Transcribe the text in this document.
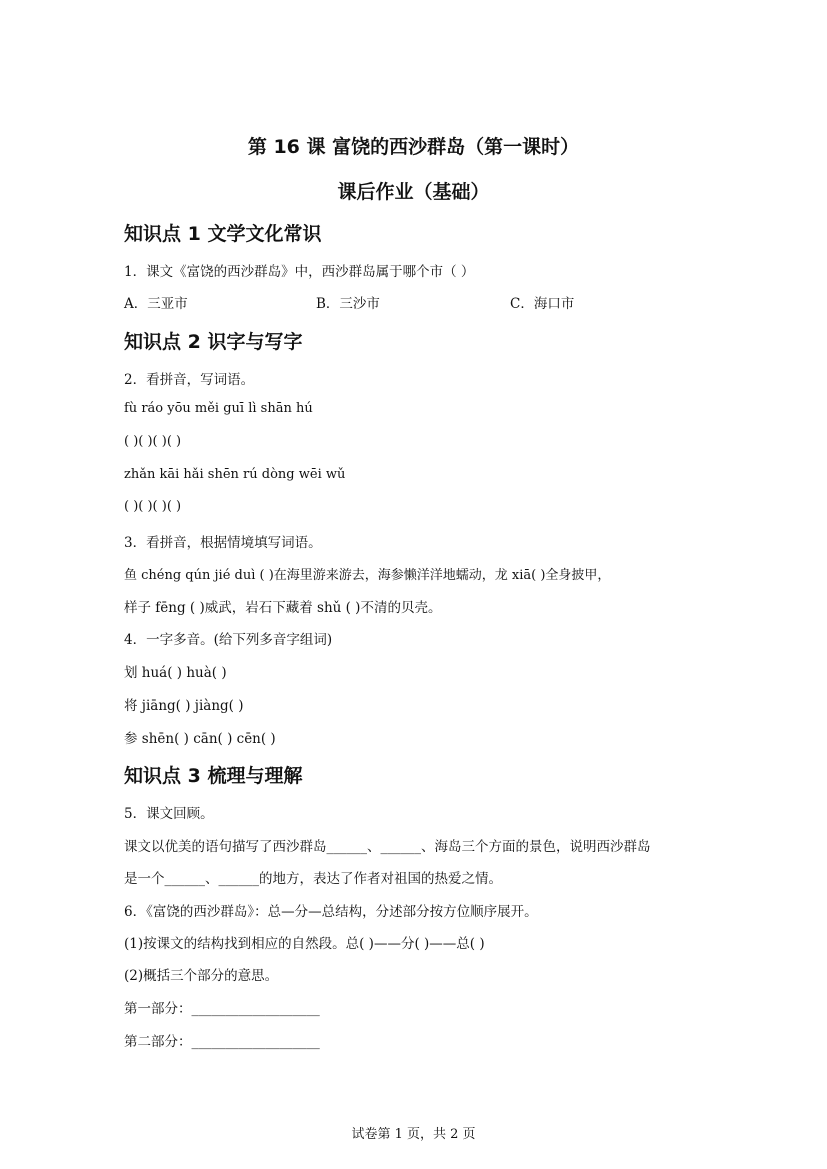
第 16 课 富饶的西沙群岛（第一课时）
课后作业（基础）
知识点 1 文学文化常识
1．课文《富饶的西沙群岛》中，西沙群岛属于哪个市（ ）
A．三亚市	B．三沙市	C．海口市
知识点 2 识字与写字
2．看拼音，写词语。
fù ráo yōu měi guī lì shān hú
( )( )( )( )
zhǎn kāi hǎi shēn rú dòng wēi wǔ
( )( )( )( )
3．看拼音，根据情境填写词语。
鱼 chéng qún jié duì ( )在海里游来游去，海参懒洋洋地蠕动，龙 xiā( )全身披甲，
样子 fēng ( )威武，岩石下藏着 shǔ ( )不清的贝壳。
4．一字多音。(给下列多音字组词)
划 huá( ) huà( )
将 jiāng( ) jiàng( )
参 shēn( ) cān( ) cēn( )
知识点 3 梳理与理解
5．课文回顾。
课文以优美的语句描写了西沙群岛______、______、海岛三个方面的景色，说明西沙群岛
是一个______、______的地方，表达了作者对祖国的热爱之情。
6．《富饶的西沙群岛》：总—分—总结构，分述部分按方位顺序展开。
(1)按课文的结构找到相应的自然段。总( )——分( )——总( )
(2)概括三个部分的意思。
第一部分：___________________
第二部分：___________________
试卷第 1 页，共 2 页
